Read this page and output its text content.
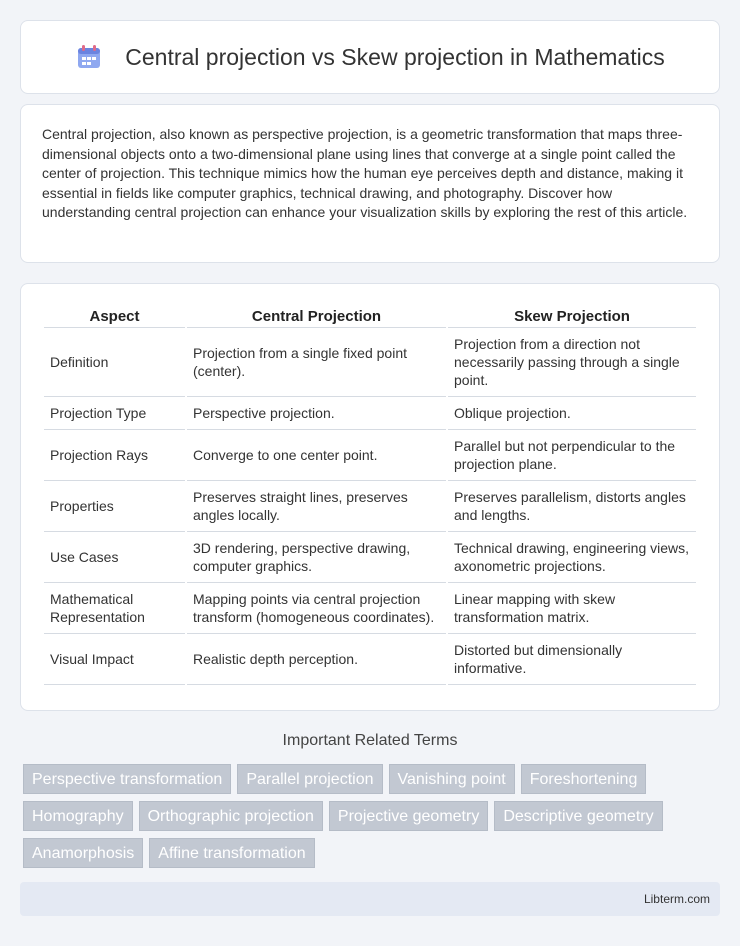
Central projection vs Skew projection in Mathematics

Central projection, also known as perspective projection, is a geometric transformation that maps three-dimensional objects onto a two-dimensional plane using lines that converge at a single point called the center of projection. This technique mimics how the human eye perceives depth and distance, making it essential in fields like computer graphics, technical drawing, and photography. Discover how understanding central projection can enhance your visualization skills by exploring the rest of this article.

Aspect	Central Projection	Skew Projection
Definition	Projection from a single fixed point (center).	Projection from a direction not necessarily passing through a single point.
Projection Type	Perspective projection.	Oblique projection.
Projection Rays	Converge to one center point.	Parallel but not perpendicular to the projection plane.
Properties	Preserves straight lines, preserves angles locally.	Preserves parallelism, distorts angles and lengths.
Use Cases	3D rendering, perspective drawing, computer graphics.	Technical drawing, engineering views, axonometric projections.
Mathematical Representation	Mapping points via central projection transform (homogeneous coordinates).	Linear mapping with skew transformation matrix.
Visual Impact	Realistic depth perception.	Distorted but dimensionally informative.
Important Related Terms
Perspective transformation	Parallel projection	Vanishing point	Foreshortening
Homography	Orthographic projection	Projective geometry	Descriptive geometry
Anamorphosis	Affine transformation
Libterm.com
